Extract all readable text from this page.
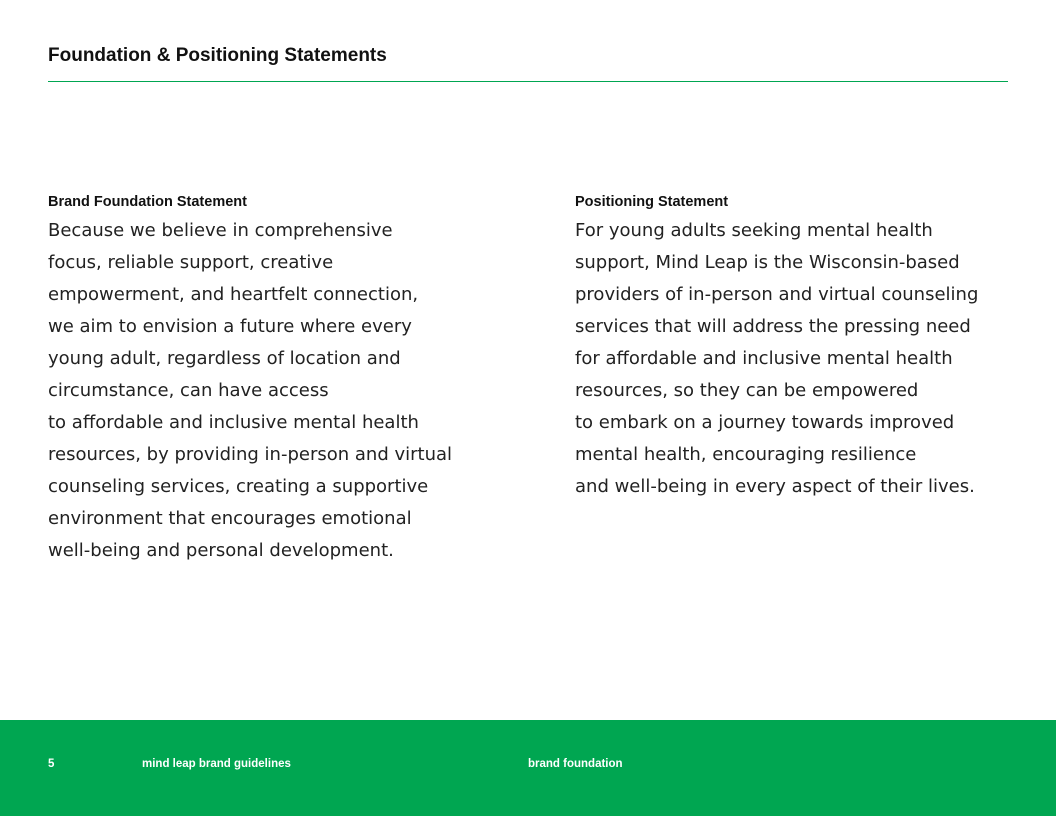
Foundation & Positioning Statements
Brand Foundation Statement

Because we believe in comprehensive
focus, reliable support, creative
empowerment, and heartfelt connection,
we aim to envision a future where every
young adult, regardless of location and
circumstance, can have access
to affordable and inclusive mental health
resources, by providing in-person and virtual
counseling services, creating a supportive
environment that encourages emotional
well-being and personal development.

Positioning Statement

For young adults seeking mental health
support, Mind Leap is the Wisconsin-based
providers of in-person and virtual counseling
services that will address the pressing need
for affordable and inclusive mental health
resources, so they can be empowered
to embark on a journey towards improved
mental health, encouraging resilience
and well-being in every aspect of their lives.

5	mind leap brand guidelines	brand foundation
